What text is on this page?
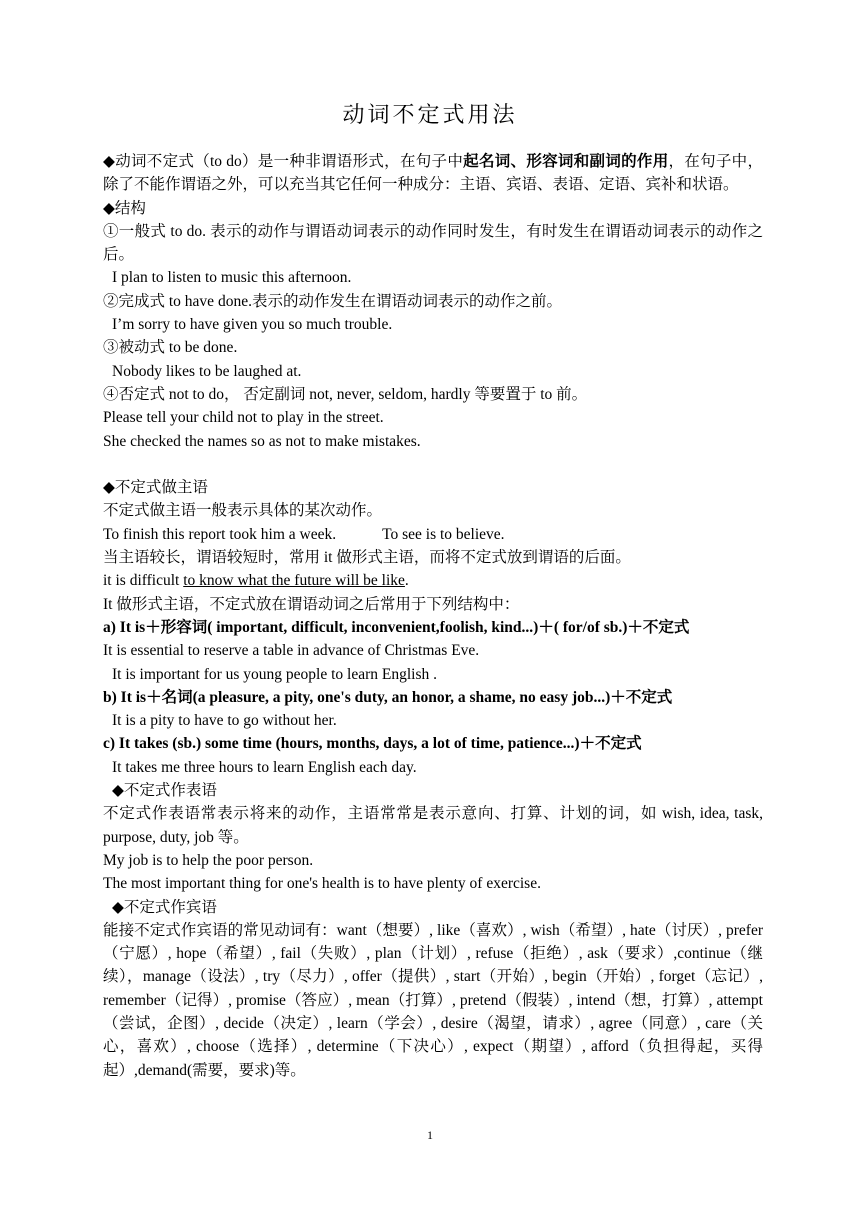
动词不定式用法

◆动词不定式（to do）是一种非谓语形式，在句子中起名词、形容词和副词的作用，在句子中，除了不能作谓语之外，可以充当其它任何一种成分：主语、宾语、表语、定语、宾补和状语。

◆结构

①一般式 to do. 表示的动作与谓语动词表示的动作同时发生，有时发生在谓语动词表示的动作之后。

I plan to listen to music this afternoon.

②完成式 to have done.表示的动作发生在谓语动词表示的动作之前。

I’m sorry to have given you so much trouble.

③被动式 to be done.

Nobody likes to be laughed at.

④否定式 not to do， 否定副词 not, never, seldom, hardly 等要置于 to 前。

Please tell your child not to play in the street.

She checked the names so as not to make mistakes.

◆不定式做主语

不定式做主语一般表示具体的某次动作。

To finish this report took him a week.	To see is to believe.

当主语较长，谓语较短时，常用 it 做形式主语，而将不定式放到谓语的后面。

it is difficult to know what the future will be like.

It 做形式主语，不定式放在谓语动词之后常用于下列结构中：

a) It is＋形容词( important, difficult, inconvenient,foolish, kind...)＋( for/of sb.)＋不定式

It is essential to reserve a table in advance of Christmas Eve.

It is important for us young people to learn English .

b) It is＋名词(a pleasure, a pity, one's duty, an honor, a shame, no easy job...)＋不定式

It is a pity to have to go without her.

c) It takes (sb.) some time (hours, months, days, a lot of time, patience...)＋不定式

It takes me three hours to learn English each day.

◆不定式作表语

不定式作表语常表示将来的动作，主语常常是表示意向、打算、计划的词，如 wish, idea, task, purpose, duty, job 等。

My job is to help the poor person.

The most important thing for one's health is to have plenty of exercise.

◆不定式作宾语

能接不定式作宾语的常见动词有：want（想要）, like（喜欢）, wish（希望）, hate（讨厌）, prefer（宁愿）, hope（希望）, fail（失败）, plan（计划）, refuse（拒绝）, ask（要求）,continue（继续），manage（设法）, try（尽力）, offer（提供）, start（开始）, begin（开始）, forget（忘记）, remember（记得）, promise（答应）, mean（打算）, pretend（假装）, intend（想，打算）, attempt（尝试，企图）, decide（决定）, learn（学会）, desire（渴望，请求）, agree（同意）, care（关心，喜欢）, choose（选择）, determine（下决心）, expect（期望）, afford（负担得起，买得起）,demand(需要，要求)等。

1
